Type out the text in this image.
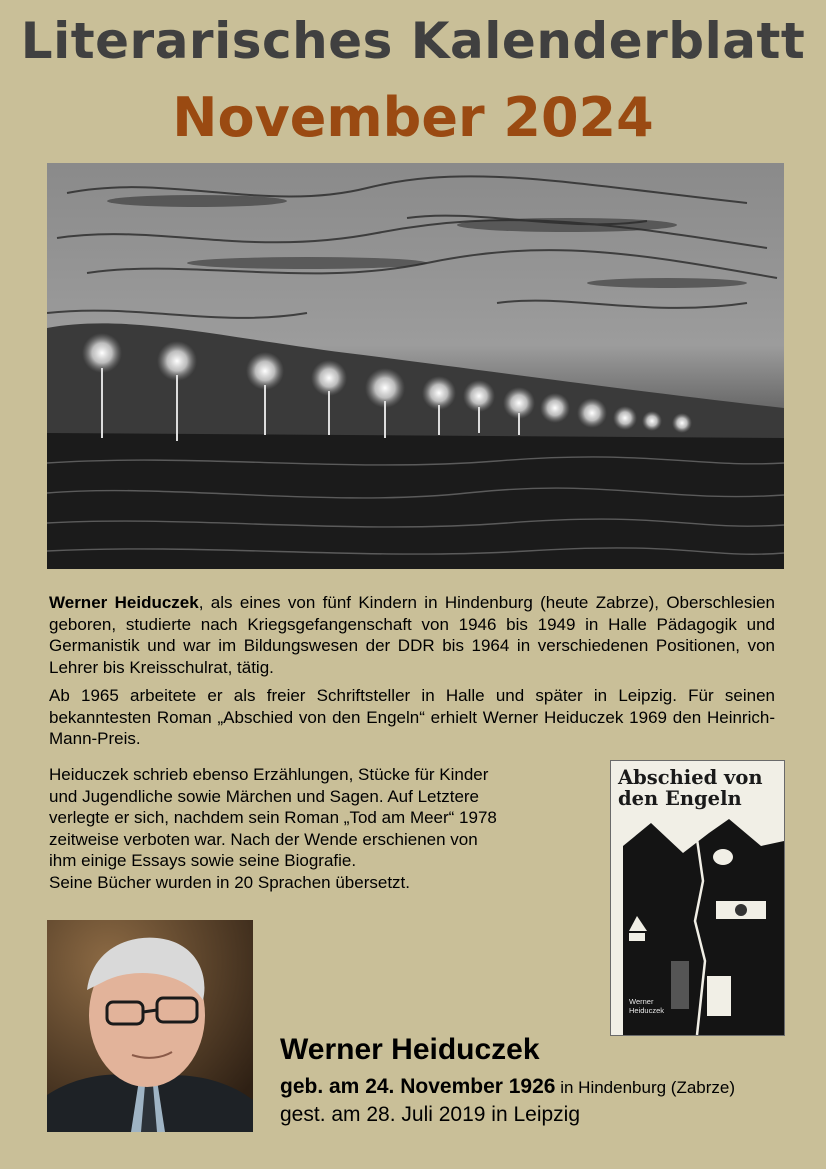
Literarisches Kalenderblatt
November 2024

Werner Heiduczek, als eines von fünf Kindern in Hindenburg (heute Zabrze), Oberschlesien geboren, studierte nach Kriegsgefangenschaft von 1946 bis 1949 in Halle Pädagogik und Germanistik und war im Bildungswesen der DDR bis 1964 in verschiedenen Positionen, von Lehrer bis Kreisschulrat, tätig.

Ab 1965 arbeitete er als freier Schriftsteller in Halle und später in Leipzig. Für seinen bekanntesten Roman „Abschied von den Engeln“ erhielt Werner Heiduczek 1969 den Heinrich-Mann-Preis.

Heiduczek schrieb ebenso Erzählungen, Stücke für Kinder
und Jugendliche sowie Märchen und Sagen. Auf Letztere
verlegte er sich, nachdem sein Roman „Tod am Meer“ 1978
zeitweise verboten war. Nach der Wende erschienen von
ihm einige Essays sowie seine Biografie.
Seine Bücher wurden in 20 Sprachen übersetzt.

Abschied von
den Engeln
Werner
Heiduczek
Werner Heiduczek
geb. am 24. November 1926 in Hindenburg (Zabrze)
gest. am 28. Juli 2019 in Leipzig
